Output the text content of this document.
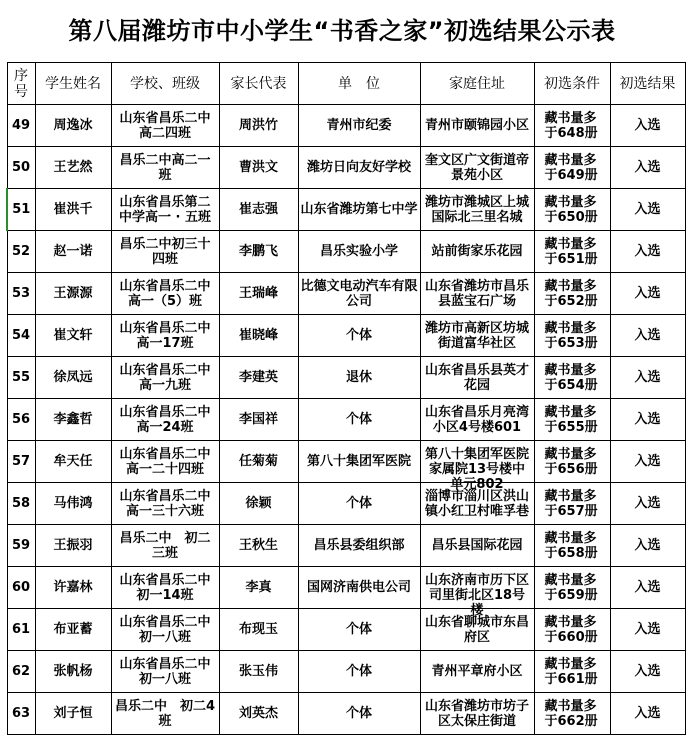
第八届潍坊市中小学生“书香之家”初选结果公示表
序号	学生姓名	学校、班级	家长代表	单　位	家庭住址	初选条件	初选结果

49	周逸冰	山东省昌乐二中高二四班	周洪竹	青州市纪委	青州市颐锦园小区	藏书量多于648册	入选

50	王艺然	昌乐二中高二一班	曹洪文	潍坊日向友好学校	奎文区广文街道帝景苑小区	藏书量多于649册	入选

51	崔洪千	山东省昌乐第二中学高一 · 五班	崔志强	山东省潍坊第七中学	潍坊市潍城区上城国际北三里名城	藏书量多于650册	入选

52	赵一诺	昌乐二中初三十四班	李鹏飞	昌乐实验小学	站前街家乐花园	藏书量多于651册	入选

53	王源源	山东省昌乐二中高一（5）班	王瑞峰	比德文电动汽车有限公司	山东省潍坊市昌乐县蓝宝石广场	藏书量多于652册	入选

54	崔文轩	山东省昌乐二中高一17班	崔晓峰	个体	潍坊市高新区坊城街道富华社区	藏书量多于653册	入选

55	徐凤远	山东省昌乐二中高一九班	李建英	退休	山东省昌乐县英才花园	藏书量多于654册	入选

56	李鑫哲	山东省昌乐二中高一24班	李国祥	个体	山东省昌乐月亮湾小区4号楼601	藏书量多于655册	入选

57	牟天任	山东省昌乐二中高一二十四班	任菊菊	第八十集团军医院	第八十集团军医院家属院13号楼中单元802	藏书量多于656册	入选

58	马伟鸿	山东省昌乐二中高一三十六班	徐颖	个体	淄博市淄川区洪山镇小红卫村唯孚巷	藏书量多于657册	入选

59	王振羽	昌乐二中　初二三班	王秋生	昌乐县委组织部	昌乐县国际花园	藏书量多于658册	入选

60	许嘉林	山东省昌乐二中初一14班	李真	国网济南供电公司	山东济南市历下区司里街北区18号楼	藏书量多于659册	入选

61	布亚蓄	山东省昌乐二中初一八班	布现玉	个体	山东省聊城市东昌府区	藏书量多于660册	入选

62	张帆杨	山东省昌乐二中初一八班	张玉伟	个体	青州平章府小区	藏书量多于661册	入选

63	刘子恒	昌乐二中　初二4班	刘英杰	个体	山东省潍坊市坊子区太保庄街道	藏书量多于662册	入选
